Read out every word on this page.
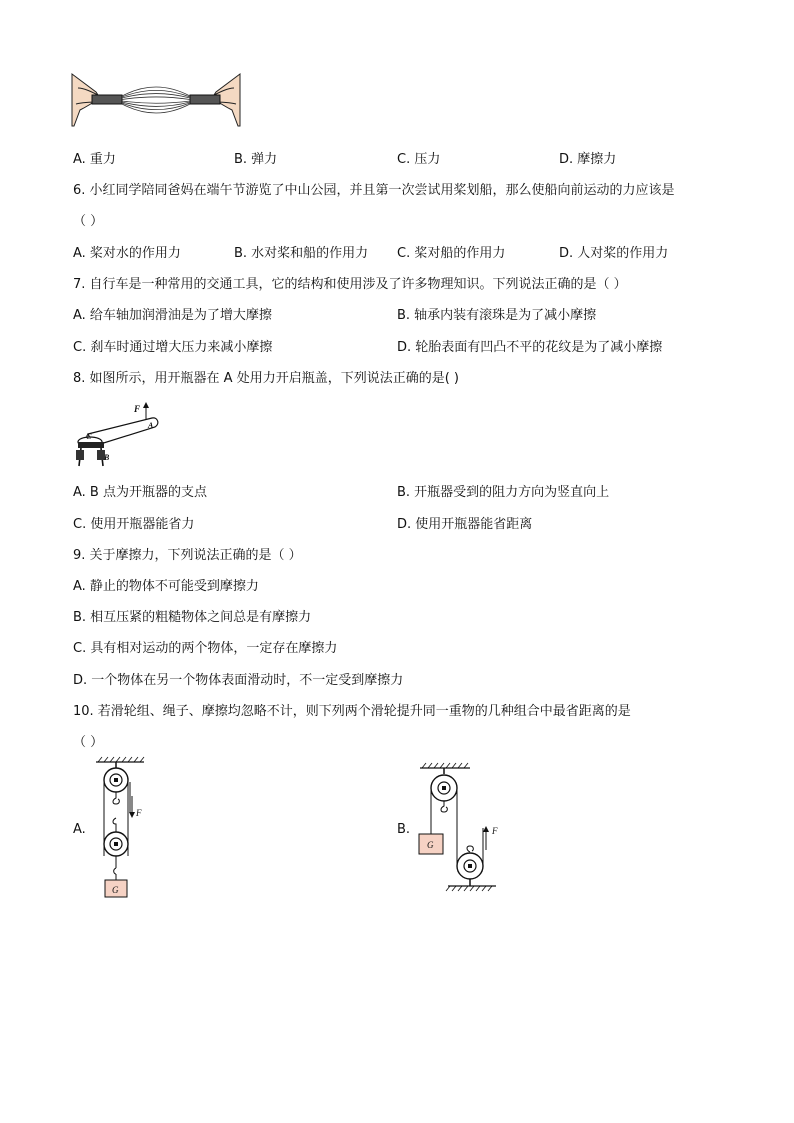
A. 重力	B. 弹力	C. 压力	D. 摩擦力
6. 小红同学陪同爸妈在端午节游览了中山公园，并且第一次尝试用桨划船，那么使船向前运动的力应该是
（ ）
A. 桨对水的作用力	B. 水对桨和船的作用力 C. 桨对船的作用力	D. 人对桨的作用力
7. 自行车是一种常用的交通工具，它的结构和使用涉及了许多物理知识。下列说法正确的是（ ）
A. 给车轴加润滑油是为了增大摩擦	B. 轴承内装有滚珠是为了减小摩擦
C. 刹车时通过增大压力来减小摩擦	D. 轮胎表面有凹凸不平的花纹是为了减小摩擦
8. 如图所示，用开瓶器在 A 处用力开启瓶盖，下列说法正确的是( )
F
A
C
B
A. B 点为开瓶器的支点	B. 开瓶器受到的阻力方向为竖直向上
C. 使用开瓶器能省力	D. 使用开瓶器能省距离
9. 关于摩擦力，下列说法正确的是（ ）
A. 静止的物体不可能受到摩擦力
B. 相互压紧的粗糙物体之间总是有摩擦力
C. 具有相对运动的两个物体，一定存在摩擦力
D. 一个物体在另一个物体表面滑动时，不一定受到摩擦力
10. 若滑轮组、绳子、摩擦均忽略不计，则下列两个滑轮提升同一重物的几种组合中最省距离的是
（ ）
A.
F
G
B.
G
F
